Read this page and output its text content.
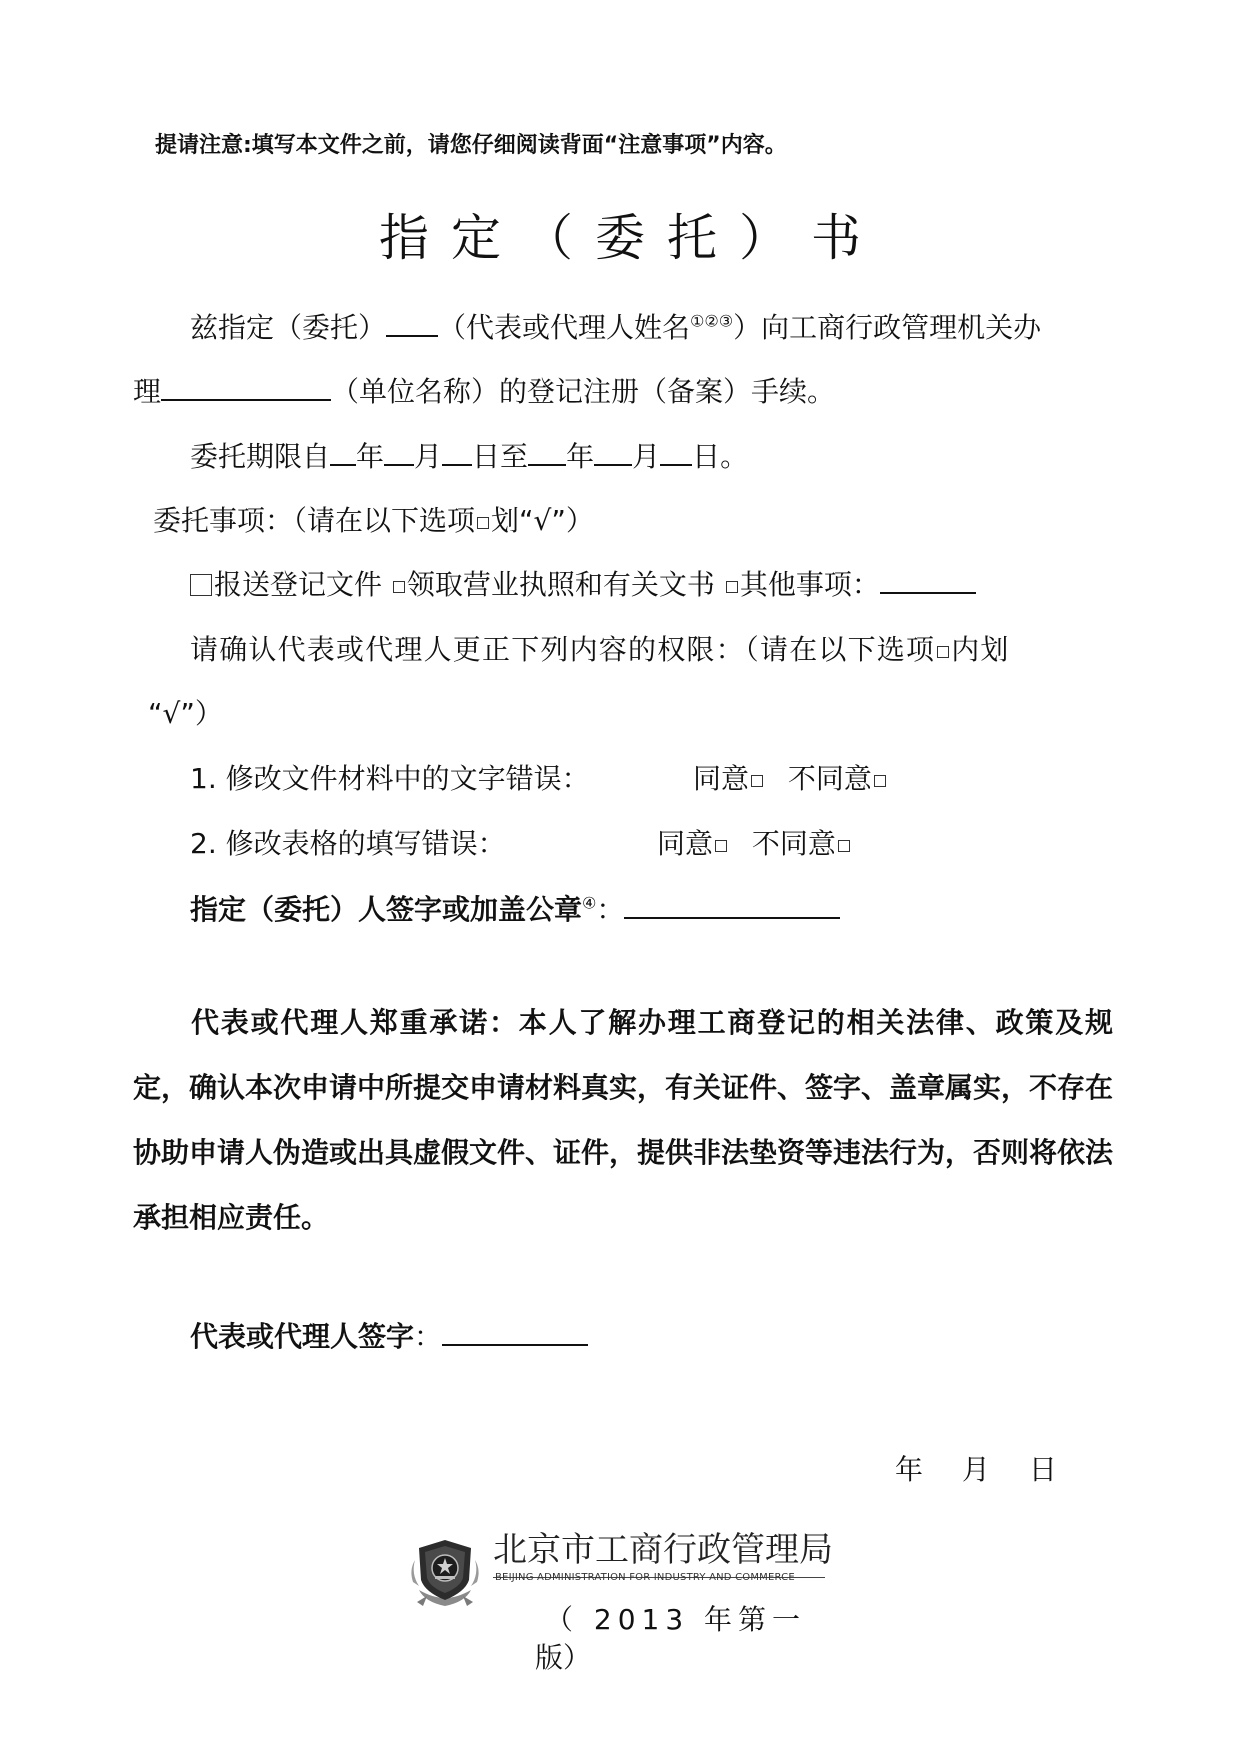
提请注意:填写本文件之前，请您仔细阅读背面“注意事项”内容。
指定（委托）书
兹指定（委托） （代表或代理人姓名①②③）向工商行政管理机关办
理	（单位名称）的登记注册（备案）手续。
委托期限自 年 月 日至 年 月 日。
委托事项：（请在以下选项 划“√”）
报送登记文件 领取营业执照和有关文书 其他事项：
请确认代表或代理人更正下列内容的权限：（请在以下选项 内划
“√”）
1. 修改文件材料中的文字错误：	同意 不同意
2. 修改表格的填写错误：	同意 不同意
指定（委托）人签字或加盖公章④：
代表或代理人郑重承诺：本人了解办理工商登记的相关法律、政策及规定，确认本次申请中所提交申请材料真实，有关证件、签字、盖章属实，不存在协助申请人伪造或出具虚假文件、证件，提供非法垫资等违法行为，否则将依法承担相应责任。
代表或代理人签字：
年 月 日
北京市工商行政管理局
BEIJING ADMINISTRATION FOR INDUSTRY AND COMMERCE
（ 2013 年第一
版）
